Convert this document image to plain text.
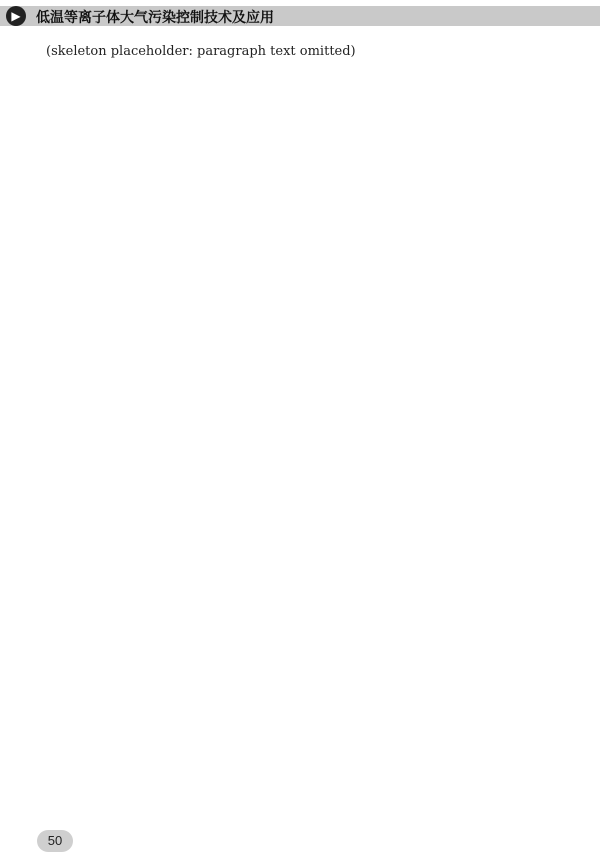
▶	低温等离子体大气污染控制技术及应用
(skeleton placeholder: paragraph text omitted)
50
